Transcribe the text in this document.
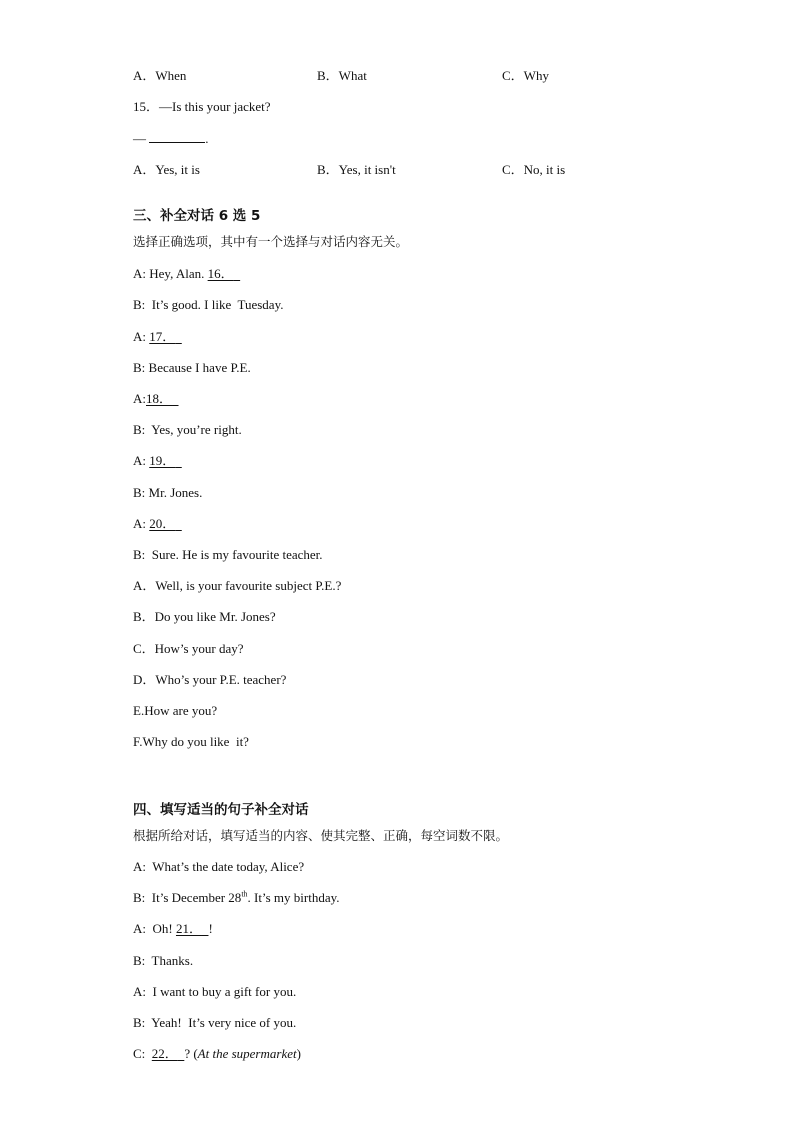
A．When	B．What	C．Why
15．—Is this your jacket?
—	.
A．Yes, it is	B．Yes, it isn't	C．No, it is
三、补全对话 6 选 5
选择正确选项，其中有一个选择与对话内容无关。
A: Hey, Alan. 16．
B:  It’s good. I like  Tuesday.
A: 17．
B: Because I have P.E.
A:18．
B:  Yes, you’re right.
A: 19．
B: Mr. Jones.
A: 20．
B:  Sure. He is my favourite teacher.
A．Well, is your favourite subject P.E.?
B．Do you like Mr. Jones?
C．How’s your day?
D．Who’s your P.E. teacher?
E.How are you?
F.Why do you like  it?
四、填写适当的句子补全对话
根据所给对话，填写适当的内容、使其完整、正确，每空词数不限。
A:  What’s the date today, Alice?
B:  It’s December 28th. It’s my birthday.
A:  Oh! 21． !
B:  Thanks.
A:  I want to buy a gift for you.
B:  Yeah!  It’s very nice of you.
C:  22． ? (At the supermarket)
